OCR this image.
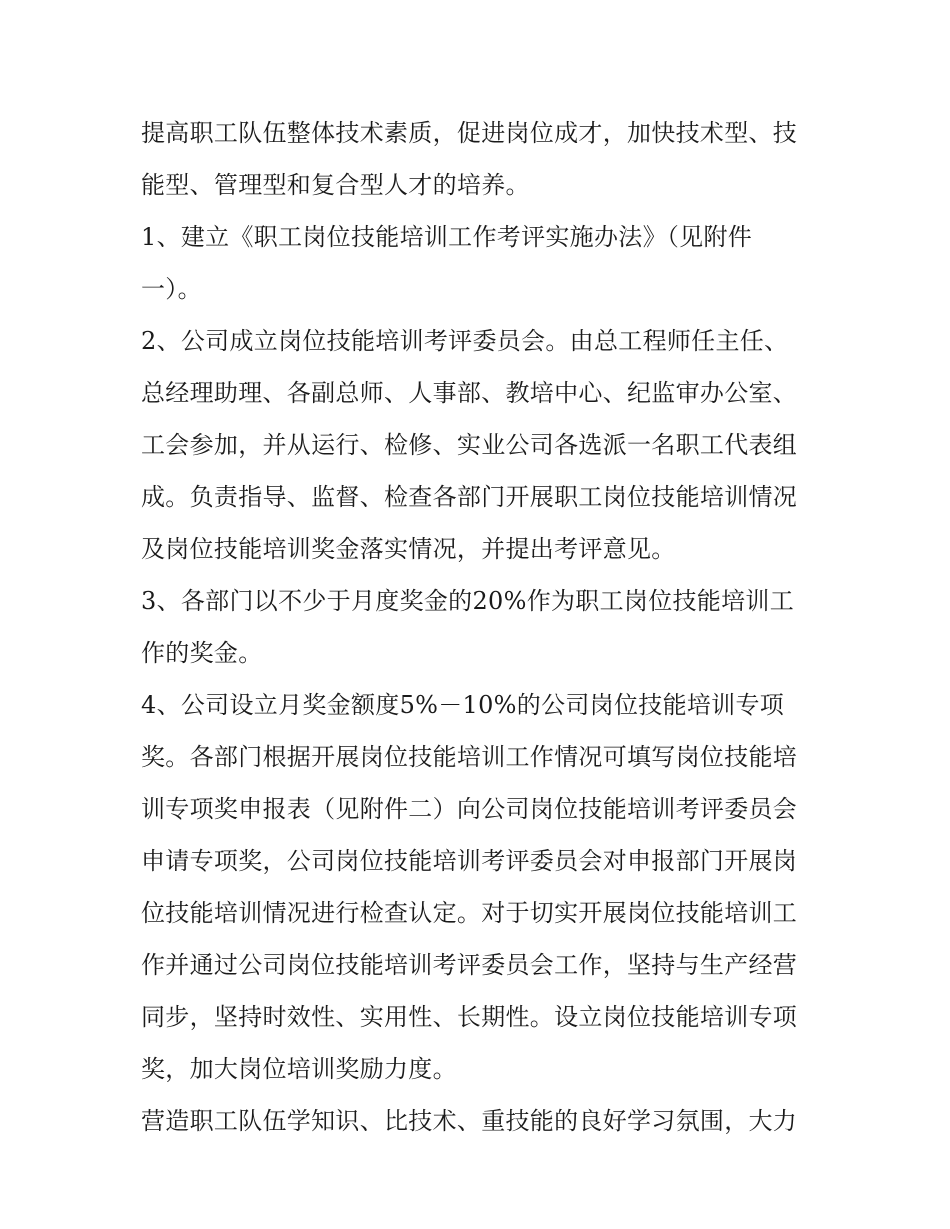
提高职工队伍整体技术素质，促进岗位成才，加快技术型、技
能型、管理型和复合型人才的培养。
1、建立《职工岗位技能培训工作考评实施办法》（见附件
一）。
2、公司成立岗位技能培训考评委员会。由总工程师任主任、
总经理助理、各副总师、人事部、教培中心、纪监审办公室、
工会参加，并从运行、检修、实业公司各选派一名职工代表组
成。负责指导、监督、检查各部门开展职工岗位技能培训情况
及岗位技能培训奖金落实情况，并提出考评意见。
3、各部门以不少于月度奖金的20%作为职工岗位技能培训工
作的奖金。
4、公司设立月奖金额度5%－10%的公司岗位技能培训专项
奖。各部门根据开展岗位技能培训工作情况可填写岗位技能培
训专项奖申报表（见附件二）向公司岗位技能培训考评委员会
申请专项奖，公司岗位技能培训考评委员会对申报部门开展岗
位技能培训情况进行检查认定。对于切实开展岗位技能培训工
作并通过公司岗位技能培训考评委员会工作，坚持与生产经营
同步，坚持时效性、实用性、长期性。设立岗位技能培训专项
奖，加大岗位培训奖励力度。
营造职工队伍学知识、比技术、重技能的良好学习氛围，大力
